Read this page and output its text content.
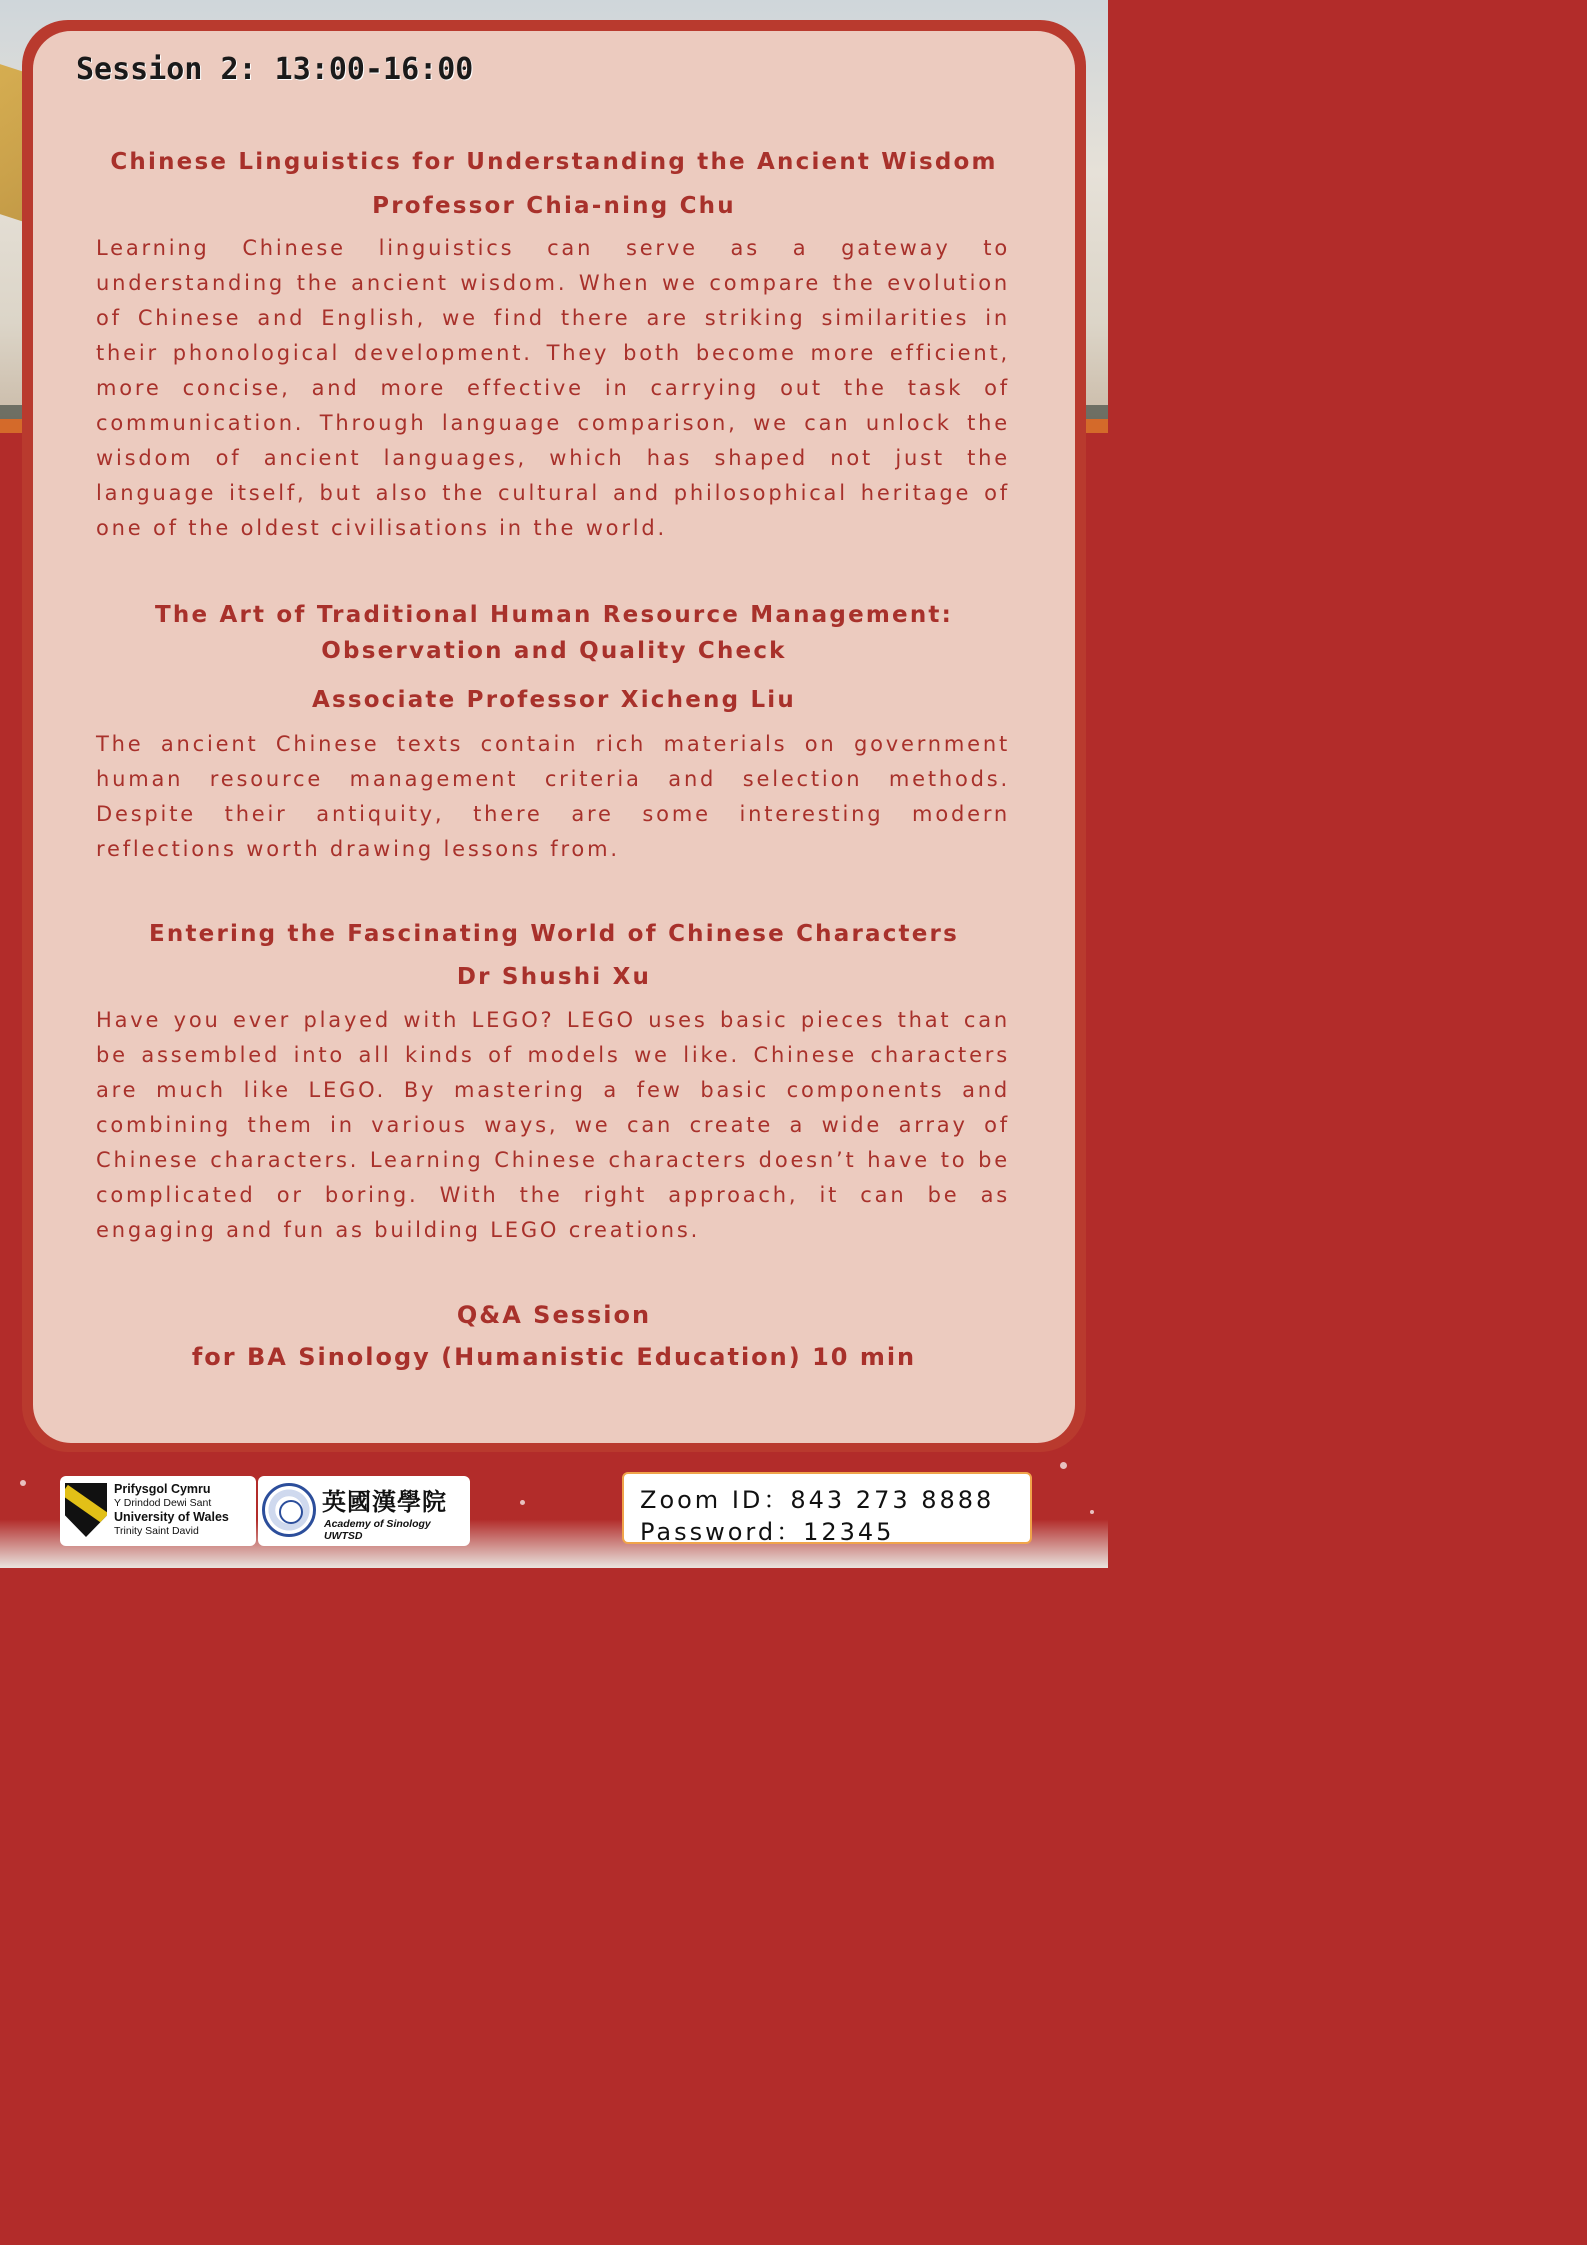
Session 2: 13:00-16:00
Chinese Linguistics for Understanding the Ancient Wisdom
Professor Chia-ning Chu

Learning Chinese linguistics can serve as a gateway to understanding the ancient wisdom. When we compare the evolution of Chinese and English, we find there are striking similarities in their phonological development. They both become more efficient, more concise, and more effective in carrying out the task of communication. Through language comparison, we can unlock the wisdom of ancient languages, which has shaped not just the language itself, but also the cultural and philosophical heritage of one of the oldest civilisations in the world.

The Art of Traditional Human Resource Management:
Observation and Quality Check
Associate Professor Xicheng Liu

The ancient Chinese texts contain rich materials on government human resource management criteria and selection methods. Despite their antiquity, there are some interesting modern reflections worth drawing lessons from.

Entering the Fascinating World of Chinese Characters
Dr Shushi Xu

Have you ever played with LEGO? LEGO uses basic pieces that can be assembled into all kinds of models we like. Chinese characters are much like LEGO. By mastering a few basic components and combining them in various ways, we can create a wide array of Chinese characters. Learning Chinese characters doesn’t have to be complicated or boring. With the right approach, it can be as engaging and fun as building LEGO creations.

Q&A Session
for BA Sinology (Humanistic Education) 10 min
Prifysgol Cymru
Y Drindod Dewi Sant
University of Wales
Trinity Saint David
英國漢學院
Academy of Sinology UWTSD

Zoom ID：843 273 8888

Password：12345
